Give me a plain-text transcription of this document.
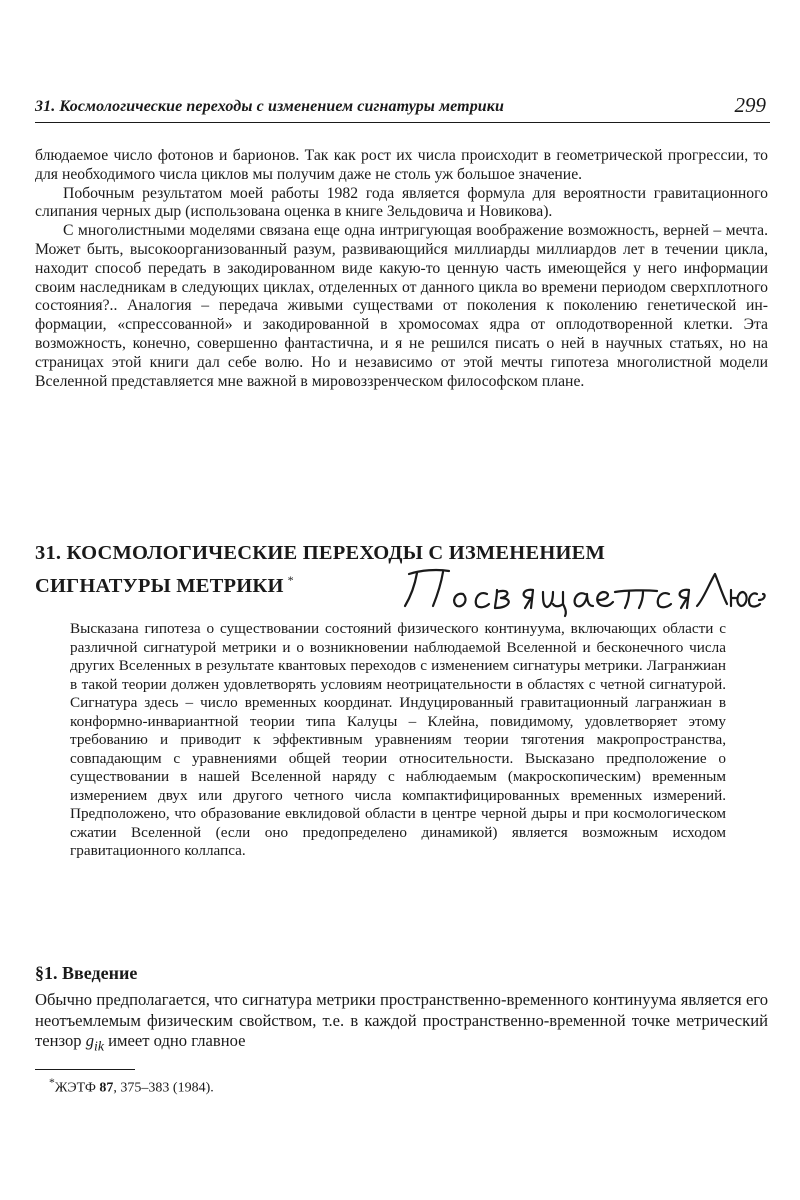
31. Космологические переходы с изменением сигнатуры метрики	299

блюдаемое число фотонов и барионов. Так как рост их числа происходит в геометрической прогрессии, то для необходимого числа циклов мы получим даже не столь уж большое значение.

Побочным результатом моей работы 1982 года является формула для вероятности гравитационного слипания черных дыр (использована оценка в книге Зельдовича и Новикова).

С многолистными моделями связана еще одна интригующая воображение возможность, верней – мечта. Может быть, высокоорганизованный разум, развивающийся миллиарды миллиардов лет в течении цикла, находит способ передать в закодированном виде какую-то ценную часть имеющейся у него информации своим наследникам в следующих циклах, отделенных от данного цикла во времени периодом сверхплотного состояния?.. Аналогия – передача живыми существами от поколения к поколению генетической информации, «спрессованной» и закодированной в хромосомах ядра от оплодотворенной клетки. Эта возможность, конечно, совершенно фантастична, и я не решился писать о ней в научных статьях, но на страницах этой книги дал себе волю. Но и независимо от этой мечты гипотеза многолистной модели Вселенной представляется мне важной в мировоззренческом философском плане.

31. КОСМОЛОГИЧЕСКИЕ ПЕРЕХОДЫ С ИЗМЕНЕНИЕМ
СИГНАТУРЫ МЕТРИКИ *

Высказана гипотеза о существовании состояний физического континуума, включающих области с различной сигнатурой метрики и о возникновении наблюдаемой Вселенной и бесконечного числа других Вселенных в результате квантовых переходов с изменением сигнатуры метрики. Лагранжиан в такой теории должен удовлетворять условиям неотрицательности в областях с четной сигнатурой. Сигнатура здесь – число временных координат. Индуцированный гравитационный лагранжиан в конформно-инвариантной теории типа Калуцы – Клейна, повидимому, удовлетворяет этому требованию и приводит к эффективным уравнениям теории тяготения макропространства, совпадающим с уравнениями общей теории относительности. Высказано предположение о существовании в нашей Вселенной наряду с наблюдаемым (макроскопическим) временным измерением двух или другого четного числа компактифицированных временных измерений. Предположено, что образование евклидовой области в центре черной дыры и при космологическом сжатии Вселенной (если оно предопределено динамикой) является возможным исходом гравитационного коллапса.

§1. Введение

Обычно предполагается, что сигнатура метрики пространственно-временного континуума является его неотъемлемым физическим свойством, т.е. в каждой пространственно-временной точке метрический тензор $g_{ik}$ имеет одно главное

*ЖЭТФ 87, 375–383 (1984).
